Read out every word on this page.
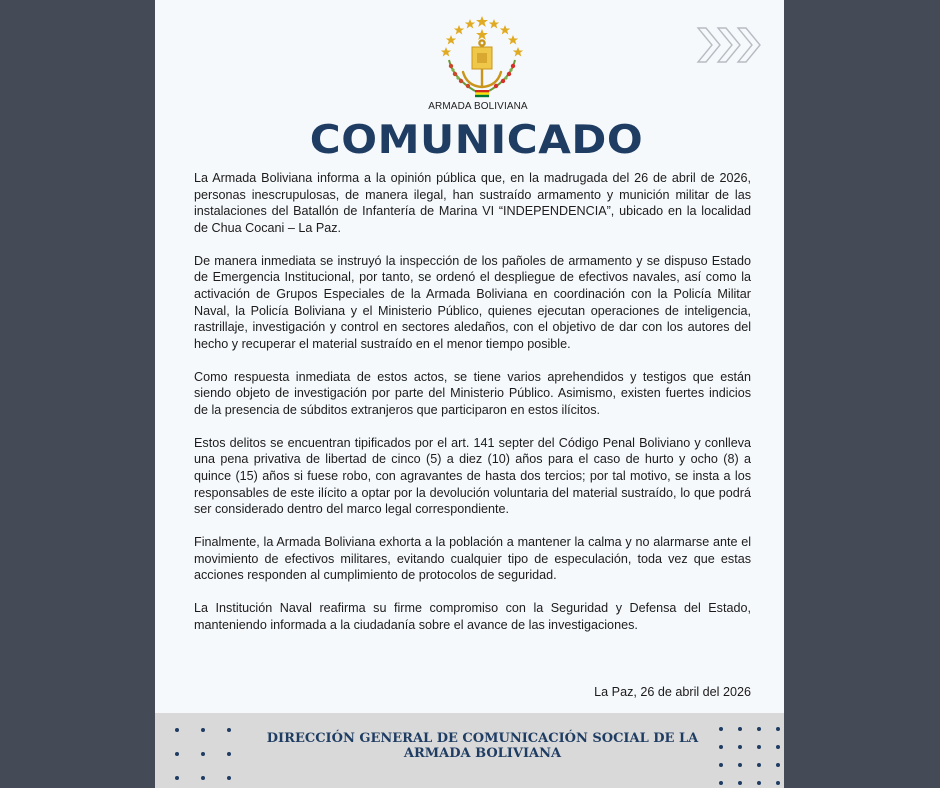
ARMADA BOLIVIANA
COMUNICADO

La Armada Boliviana informa a la opinión pública que, en la madrugada del 26 de abril de 2026, personas inescrupulosas, de manera ilegal, han sustraído armamento y munición militar de las instalaciones del Batallón de Infantería de Marina VI “INDEPENDENCIA”, ubicado en la localidad de Chua Cocani – La Paz.

De manera inmediata se instruyó la inspección de los pañoles de armamento y se dispuso Estado de Emergencia Institucional, por tanto, se ordenó el despliegue de efectivos navales, así como la activación de Grupos Especiales de la Armada Boliviana en coordinación con la Policía Militar Naval, la Policía Boliviana y el Ministerio Público, quienes ejecutan operaciones de inteligencia, rastrillaje, investigación y control en sectores aledaños, con el objetivo de dar con los autores del hecho y recuperar el material sustraído en el menor tiempo posible.

Como respuesta inmediata de estos actos, se tiene varios aprehendidos y testigos que están siendo objeto de investigación por parte del Ministerio Público. Asimismo, existen fuertes indicios de la presencia de súbditos extranjeros que participaron en estos ilícitos.

Estos delitos se encuentran tipificados por el art. 141 septer del Código Penal Boliviano y conlleva una pena privativa de libertad de cinco (5) a diez (10) años para el caso de hurto y ocho (8) a quince (15) años si fuese robo, con agravantes de hasta dos tercios; por tal motivo, se insta a los responsables de este ilícito a optar por la devolución voluntaria del material sustraído, lo que podrá ser considerado dentro del marco legal correspondiente.

Finalmente, la Armada Boliviana exhorta a la población a mantener la calma y no alarmarse ante el movimiento de efectivos militares, evitando cualquier tipo de especulación, toda vez que estas acciones responden al cumplimiento de protocolos de seguridad.

La Institución Naval reafirma su firme compromiso con la Seguridad y Defensa del Estado, manteniendo informada a la ciudadanía sobre el avance de las investigaciones.

La Paz, 26 de abril del 2026
DIRECCIÓN GENERAL DE COMUNICACIÓN SOCIAL DE LA
ARMADA BOLIVIANA
